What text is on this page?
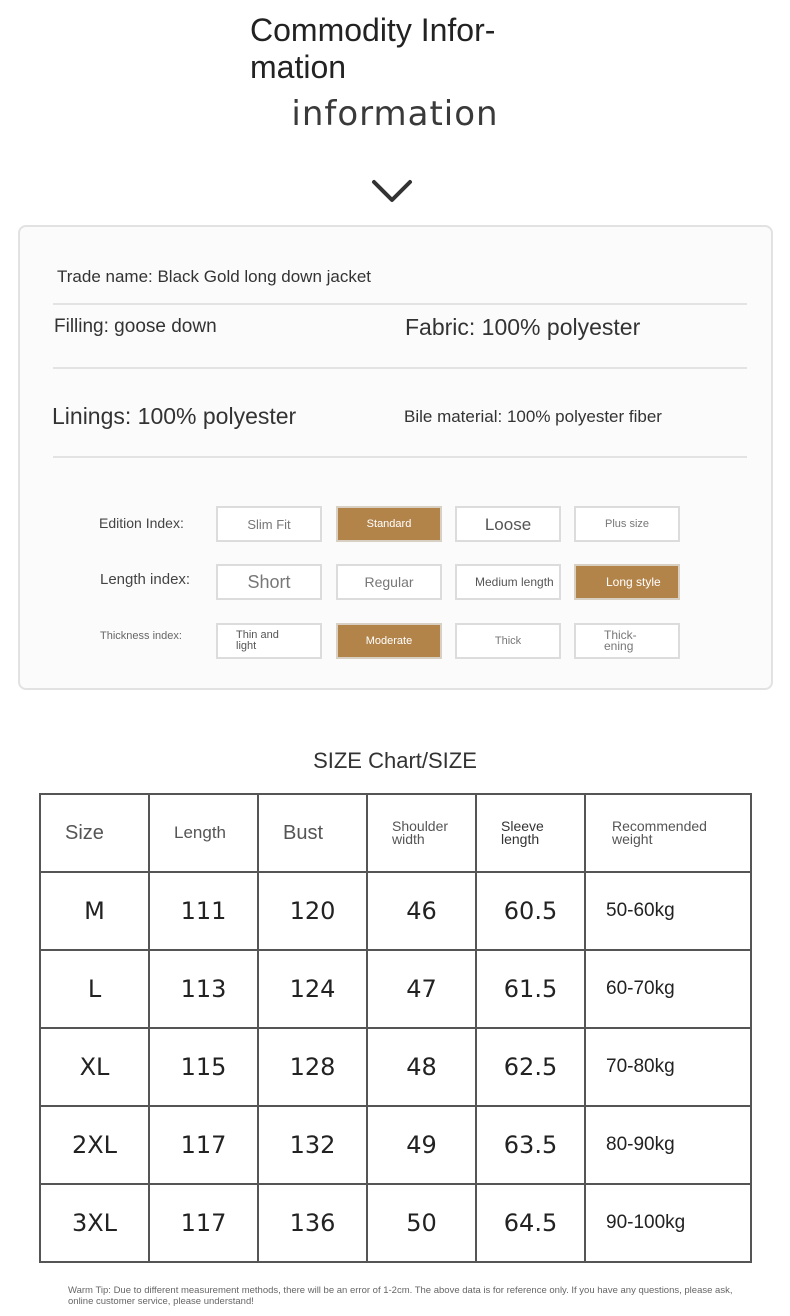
Commodity Infor-mation
information
Trade name: Black Gold long down jacket
Filling: goose down	Fabric: 100% polyester
Linings: 100% polyester	Bile material: 100% polyester fiber
Edition Index:	Slim Fit	Standard	Loose	Plus size
Length index:	Short	Regular	Medium length	Long style
Thickness index:	Thin and light	Moderate	Thick	Thick-ening
SIZE Chart/SIZE
Size	Length	Bust	Shoulder width	Sleeve length	Recommended weight
M	111	120	46	60.5	50-60kg
L	113	124	47	61.5	60-70kg
XL	115	128	48	62.5	70-80kg
2XL	117	132	49	63.5	80-90kg
3XL	117	136	50	64.5	90-100kg
Warm Tip: Due to different measurement methods, there will be an error of 1-2cm. The above data is for reference only. If you have any questions, please ask, online customer service, please understand!
